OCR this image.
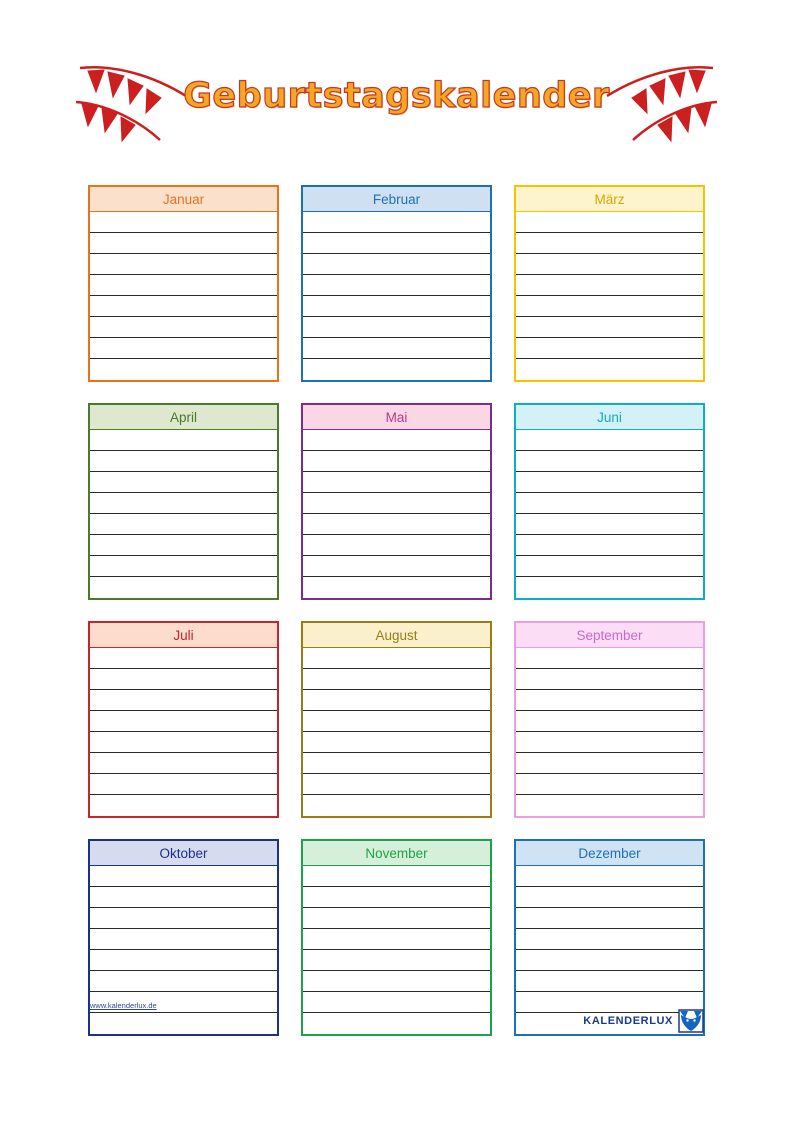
Geburtstagskalender
Januar	Februar	März
April	Mai	Juni
Juli	August	September
Oktober	November	Dezember
www.kalenderlux.de
KALENDERLUX
